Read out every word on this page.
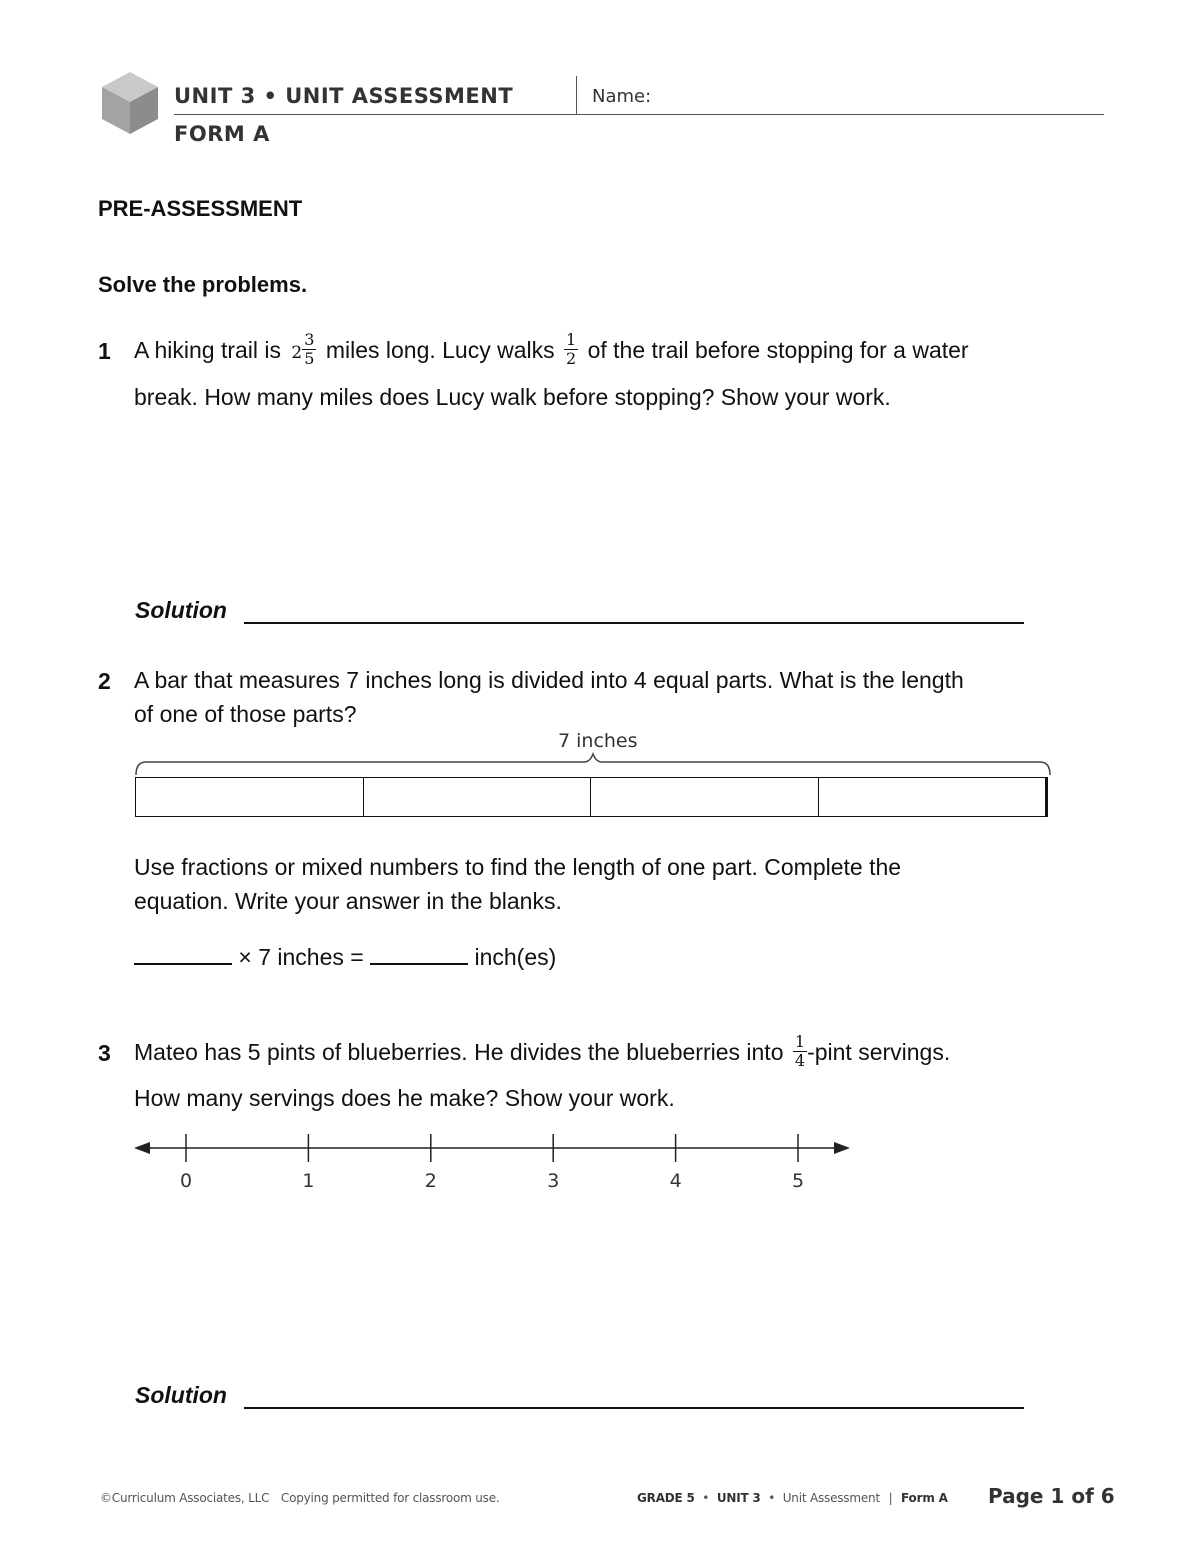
UNIT 3 • UNIT ASSESSMENT	Name:
FORM A
PRE-ASSESSMENT
Solve the problems.
1 A hiking trail is $2 \frac{3}{5}$ miles long. Lucy walks $\frac{1}{2}$ of the trail before stopping for a water
break. How many miles does Lucy walk before stopping? Show your work.
Solution
2 A bar that measures 7 inches long is divided into 4 equal parts. What is the length
of one of those parts?
7 inches
Use fractions or mixed numbers to find the length of one part. Complete the
equation. Write your answer in the blanks.
× 7 inches =	inch(es)
3 Mateo has 5 pints of blueberries. He divides the blueberries into $\frac{1}{4}$ -pint servings.
How many servings does he make? Show your work.
0	1	2	3	4	5
Solution
©Curriculum Associates, LLC Copying permitted for classroom use.	GRADE 5 • UNIT 3 • Unit Assessment | Form A Page 1 of 6
